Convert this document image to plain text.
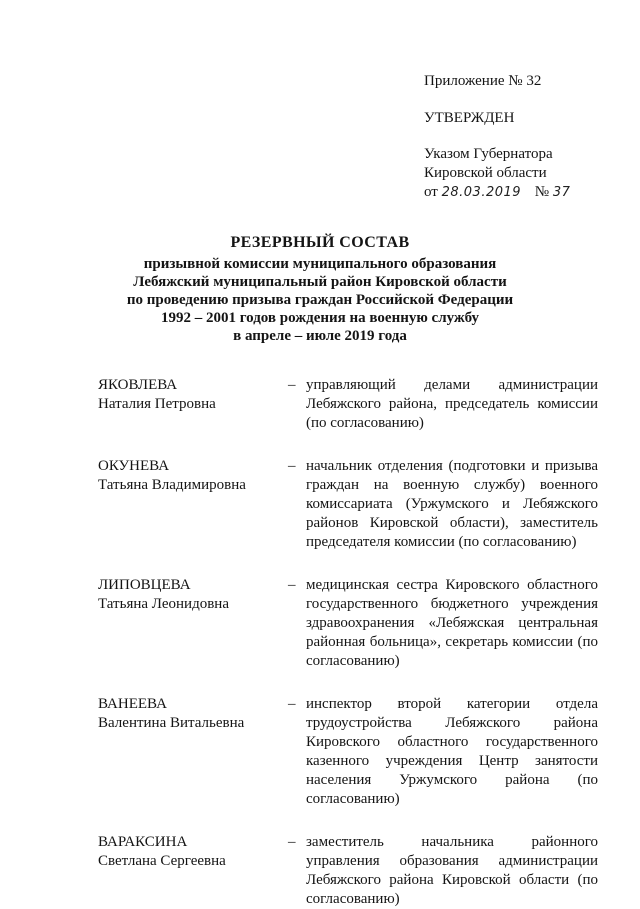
Приложение № 32
УТВЕРЖДЕН
Указом Губернатора
Кировской области
от 28.03.2019 № 37
РЕЗЕРВНЫЙ СОСТАВ
призывной комиссии муниципального образования
Лебяжский муниципальный район Кировской области
по проведению призыва граждан Российской Федерации
1992 – 2001 годов рождения на военную службу
в апреле – июле 2019 года
ЯКОВЛЕВА
Наталия Петровна
– управляющий делами администрации Лебяжского района, председатель комиссии (по согласованию)
ОКУНЕВА
Татьяна Владимировна
– начальник отделения (подготовки и призыва граждан на военную службу) военного комиссариата (Уржумского и Лебяжского районов Кировской области), заместитель председателя комиссии (по согласованию)
ЛИПОВЦЕВА
Татьяна Леонидовна
– медицинская сестра Кировского областного государственного бюджетного учреждения здравоохранения «Лебяжская центральная районная больница», секретарь комиссии (по согласованию)
ВАНЕЕВА
Валентина Витальевна
– инспектор второй категории отдела трудоустройства Лебяжского района Кировского областного государственного казенного учреждения Центр занятости населения Уржумского района (по согласованию)
ВАРАКСИНА
Светлана Сергеевна
– заместитель начальника районного управления образования администрации Лебяжского района Кировской области (по согласованию)
